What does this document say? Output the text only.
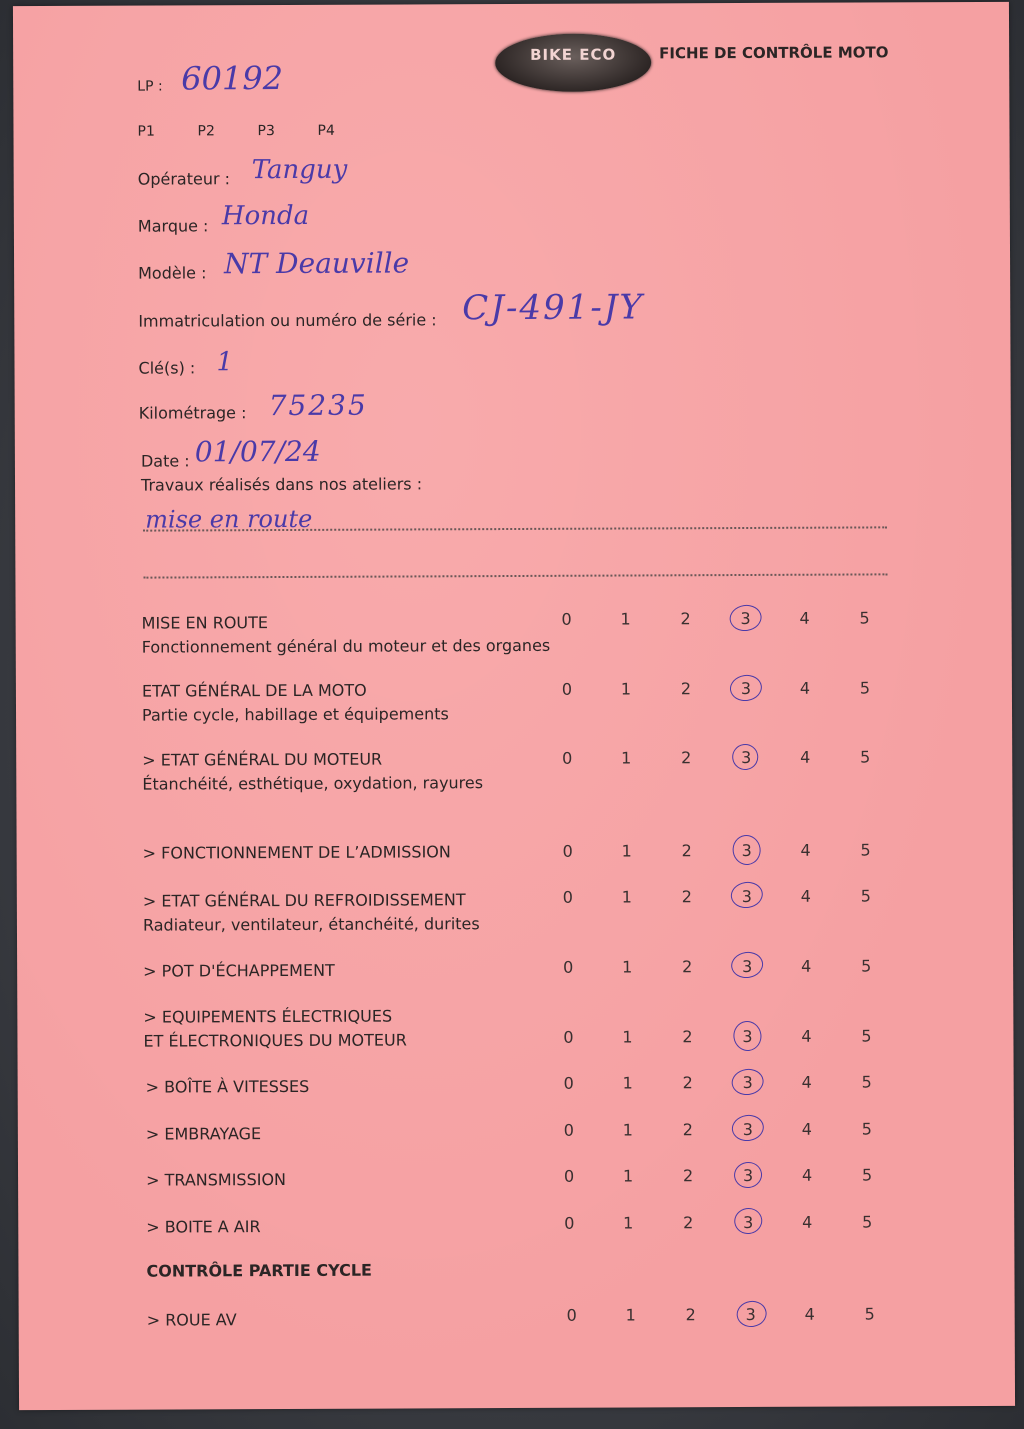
BIKE ECO	FICHE DE CONTRÔLE MOTO
LP : 60192
P1	P2	P3	P4
Opérateur : Tanguy
Marque : Honda
Modèle : NT Deauville
Immatriculation ou numéro de série : CJ-491-JY
Clé(s) : 1
Kilométrage : 75235
Date : 01/07/24
Travaux réalisés dans nos ateliers :
mise en route
MISE EN ROUTE
Fonctionnement général du moteur et des organes
0	1	2	3	4	5
ETAT GÉNÉRAL DE LA MOTO
Partie cycle, habillage et équipements
0	1	2	3	4	5
> ETAT GÉNÉRAL DU MOTEUR
Étanchéité, esthétique, oxydation, rayures
0	1	2	3	4	5
> FONCTIONNEMENT DE L’ADMISSION	0	1	2	3	4	5
> ETAT GÉNÉRAL DU REFROIDISSEMENT
Radiateur, ventilateur, étanchéité, durites
0	1	2	3	4	5
> POT D'ÉCHAPPEMENT	0	1	2	3	4	5
> EQUIPEMENTS ÉLECTRIQUES
ET ÉLECTRONIQUES DU MOTEUR	0	1	2	3	4	5
> BOÎTE À VITESSES	0	1	2	3	4	5
> EMBRAYAGE	0	1	2	3	4	5
> TRANSMISSION	0	1	2	3	4	5
> BOITE A AIR	0	1	2	3	4	5
CONTRÔLE PARTIE CYCLE
> ROUE AV	0	1	2	3	4	5
